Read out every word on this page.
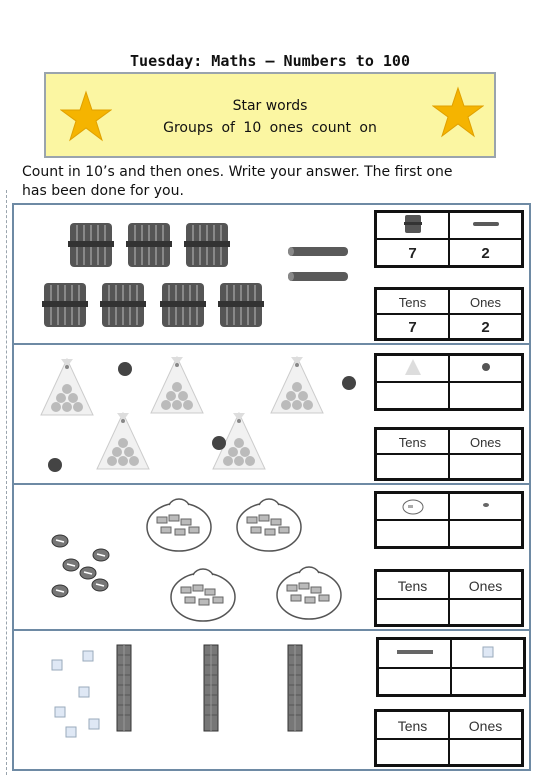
Tuesday: Maths – Numbers to 100
Star words
Groups of 10 ones count on
Count in 10’s and then ones. Write your answer. The first one has been done for you.
7	2
Tens	Ones
7	2
Tens	Ones
Tens	Ones
Tens	Ones
